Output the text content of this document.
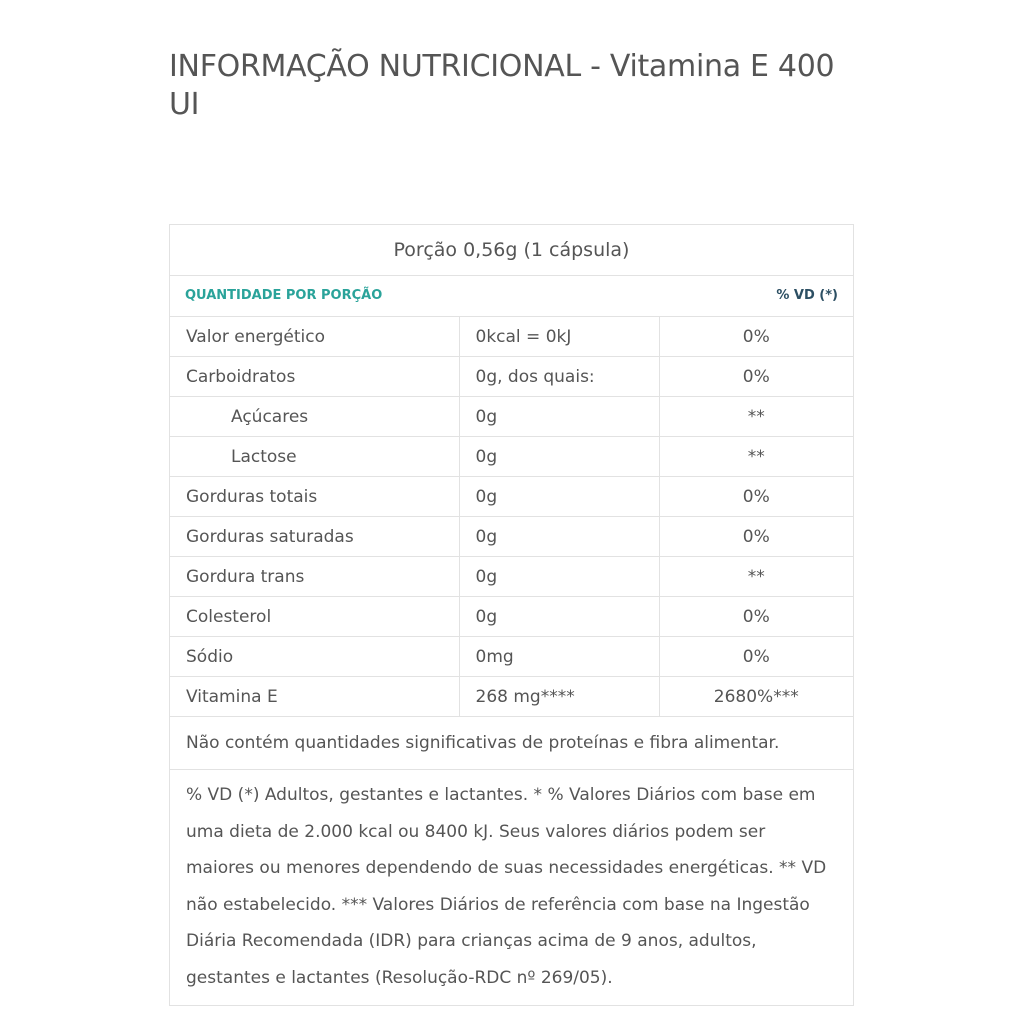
INFORMAÇÃO NUTRICIONAL - Vitamina E 400 UI
Porção 0,56g (1 cápsula)
QUANTIDADE POR PORÇÃO	% VD (*)
Valor energético	0kcal = 0kJ	0%
Carboidratos	0g, dos quais:	0%
Açúcares	0g	**
Lactose	0g	**
Gorduras totais	0g	0%
Gorduras saturadas	0g	0%
Gordura trans	0g	**
Colesterol	0g	0%
Sódio	0mg	0%
Vitamina E	268 mg****	2680%***
Não contém quantidades significativas de proteínas e fibra alimentar.
% VD (*) Adultos, gestantes e lactantes. * % Valores Diários com base em uma dieta de 2.000 kcal ou 8400 kJ. Seus valores diários podem ser maiores ou menores dependendo de suas necessidades energéticas. ** VD não estabelecido. *** Valores Diários de referência com base na Ingestão Diária Recomendada (IDR) para crianças acima de 9 anos, adultos, gestantes e lactantes (Resolução-RDC nº 269/05).
